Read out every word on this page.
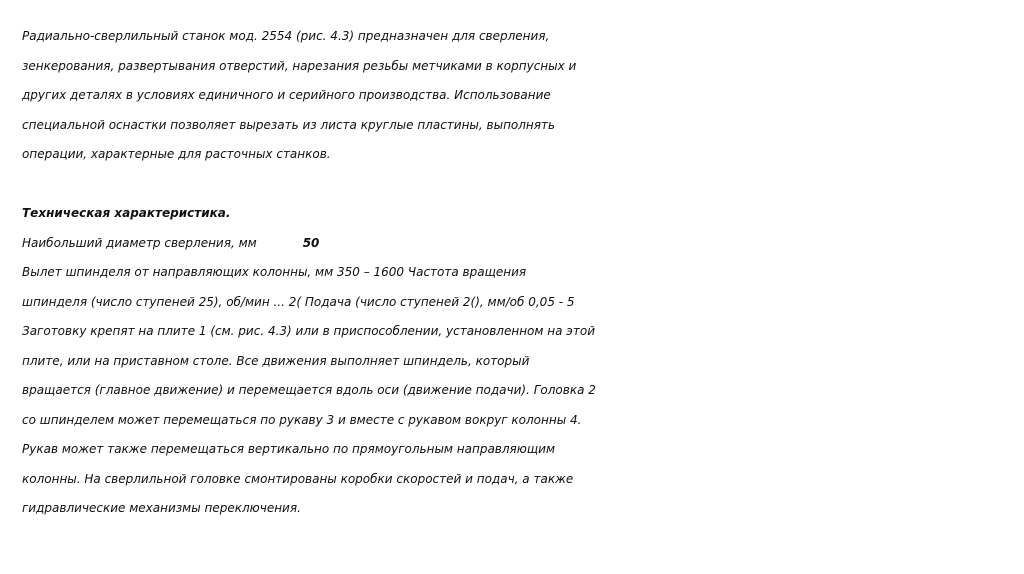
Радиально-сверлильный станок мод. 2554 (рис. 4.3) предназначен для сверления,
зенкерования, развертывания отверстий, нарезания резьбы метчиками в корпусных и
других деталях в условиях единичного и серийного производства. Использование
специальной оснастки позволяет вырезать из листа круглые пластины, выполнять
операции, характерные для расточных станков.
Техническая характеристика.
Наибольший диаметр сверления, мм	50
Вылет шпинделя от направляющих колонны, мм 350 – 1600 Частота вращения
шпинделя (число ступеней 25), об/мин ... 2( Подача (число ступеней 2(), мм/об 0,05 - 5
Заготовку крепят на плите 1 (см. рис. 4.3) или в приспособлении, установленном на этой
плите, или на приставном столе. Все движения выполняет шпиндель, который
вращается (главное движение) и перемещается вдоль оси (движение подачи). Головка 2
со шпинделем может перемещаться по рукаву 3 и вместе с рукавом вокруг колонны 4.
Рукав может также перемещаться вертикально по прямоугольным направляющим
колонны. На сверлильной головке смонтированы коробки скоростей и подач, а также
гидравлические механизмы переключения.
